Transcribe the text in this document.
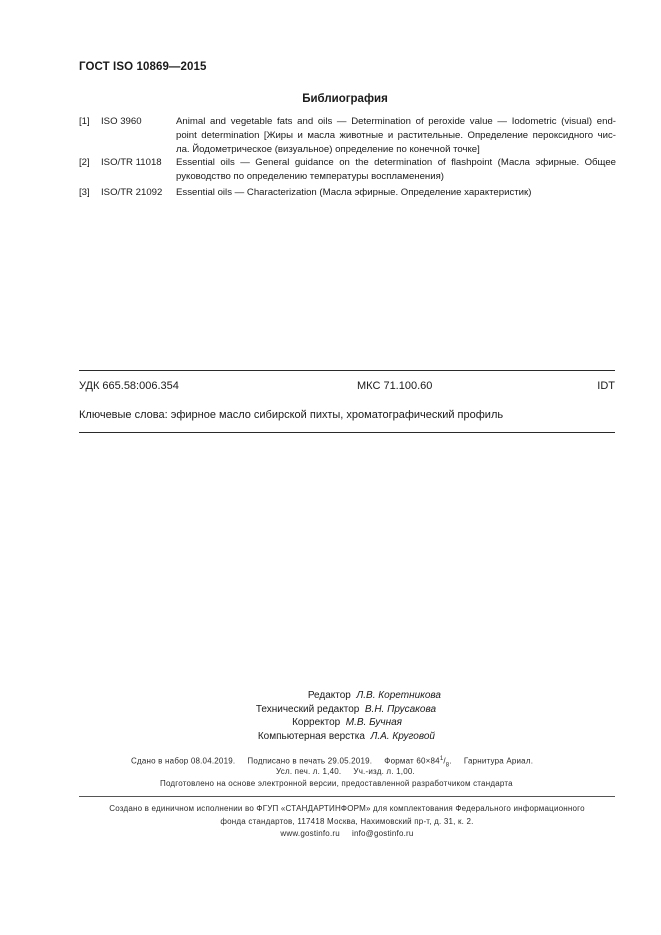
ГОСТ ISO 10869—2015
Библиография
[1] ISO 3960	Animal and vegetable fats and oils — Determination of peroxide value — Iodometric (visual) end-
point determination [Жиры и масла животные и растительные. Определение пероксидного чис-
ла. Йодометрическое (визуальное) определение по конечной точке]
[2] ISO/TR 11018 Essential oils — General guidance on the determination of flashpoint (Масла эфирные. Общее
руководство по определению температуры воспламенения)
[3] ISO/TR 21092 Essential oils — Characterization (Масла эфирные. Определение характеристик)
УДК 665.58:006.354	МКС 71.100.60	IDT
Ключевые слова: эфирное масло сибирской пихты, хроматографический профиль
Редактор Л.В. Коретникова
Технический редактор В.Н. Прусакова
Корректор М.В. Бучная
Компьютерная верстка Л.А. Круговой
Сдано в набор 08.04.2019.     Подписано в печать 29.05.2019.     Формат $60\times 84^1/_8$.     Гарнитура Ариал.
Усл. печ. л. 1,40.     Уч.-изд. л. 1,00.
Подготовлено на основе электронной версии, предоставленной разработчиком стандарта
Создано в единичном исполнении во ФГУП «СТАНДАРТИНФОРМ» для комплектования Федерального информационного
фонда стандартов, 117418 Москва, Нахимовский пр-т, д. 31, к. 2.
www.gostinfo.ru     info@gostinfo.ru
